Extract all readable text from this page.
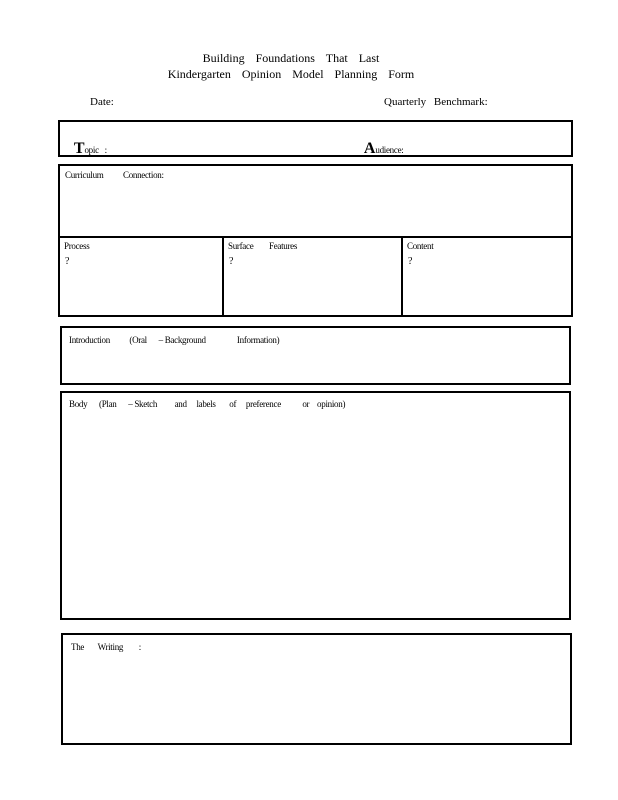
Building Foundations That Last
Kindergarten Opinion Model Planning Form
Date:	Quarterly Benchmark:

Topic   :
	Audience:

Curriculum          Connection:
Process
?
Surface        Features
?
Content
?
Introduction          (Oral      – Background                Information)
Body      (Plan      – Sketch         and     labels       of     preference           or    opinion)
The       Writing        :
